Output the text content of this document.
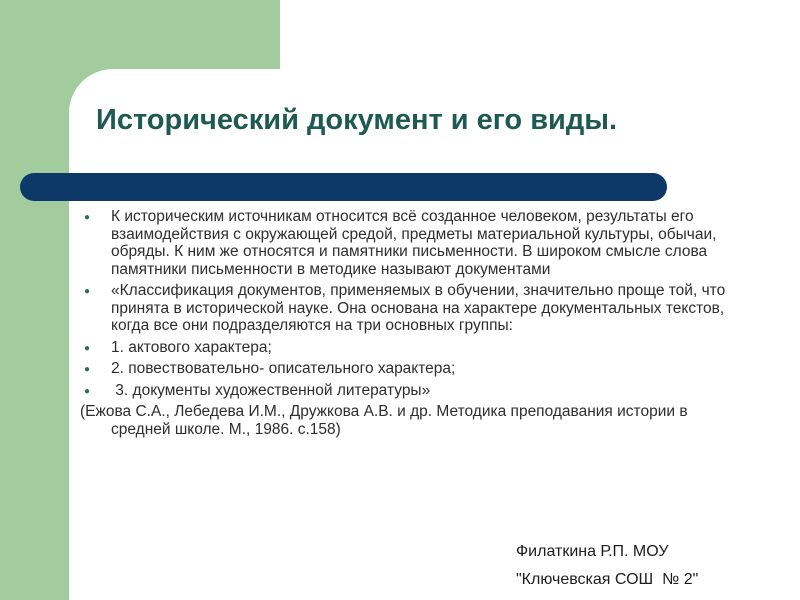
Исторический документ и его виды.
● К историческим источникам относится всё созданное человеком, результаты его взаимодействия с окружающей средой, предметы материальной культуры, обычаи, обряды. К ним же относятся и памятники письменности. В широком смысле слова памятники письменности в методике называют документами
● «Классификация документов, применяемых в обучении, значительно проще той, что принята в исторической науке. Она основана на характере документальных текстов, когда все они подразделяются на три основных группы:
● 1. актового характера;
● 2. повествовательно- описательного характера;
● 3. документы художественной литературы»
(Ежова С.А., Лебедева И.М., Дружкова А.В. и др. Методика преподавания истории в средней школе. М., 1986. с.158)
Филаткина Р.П. МОУ
"Ключевская СОШ  № 2"
